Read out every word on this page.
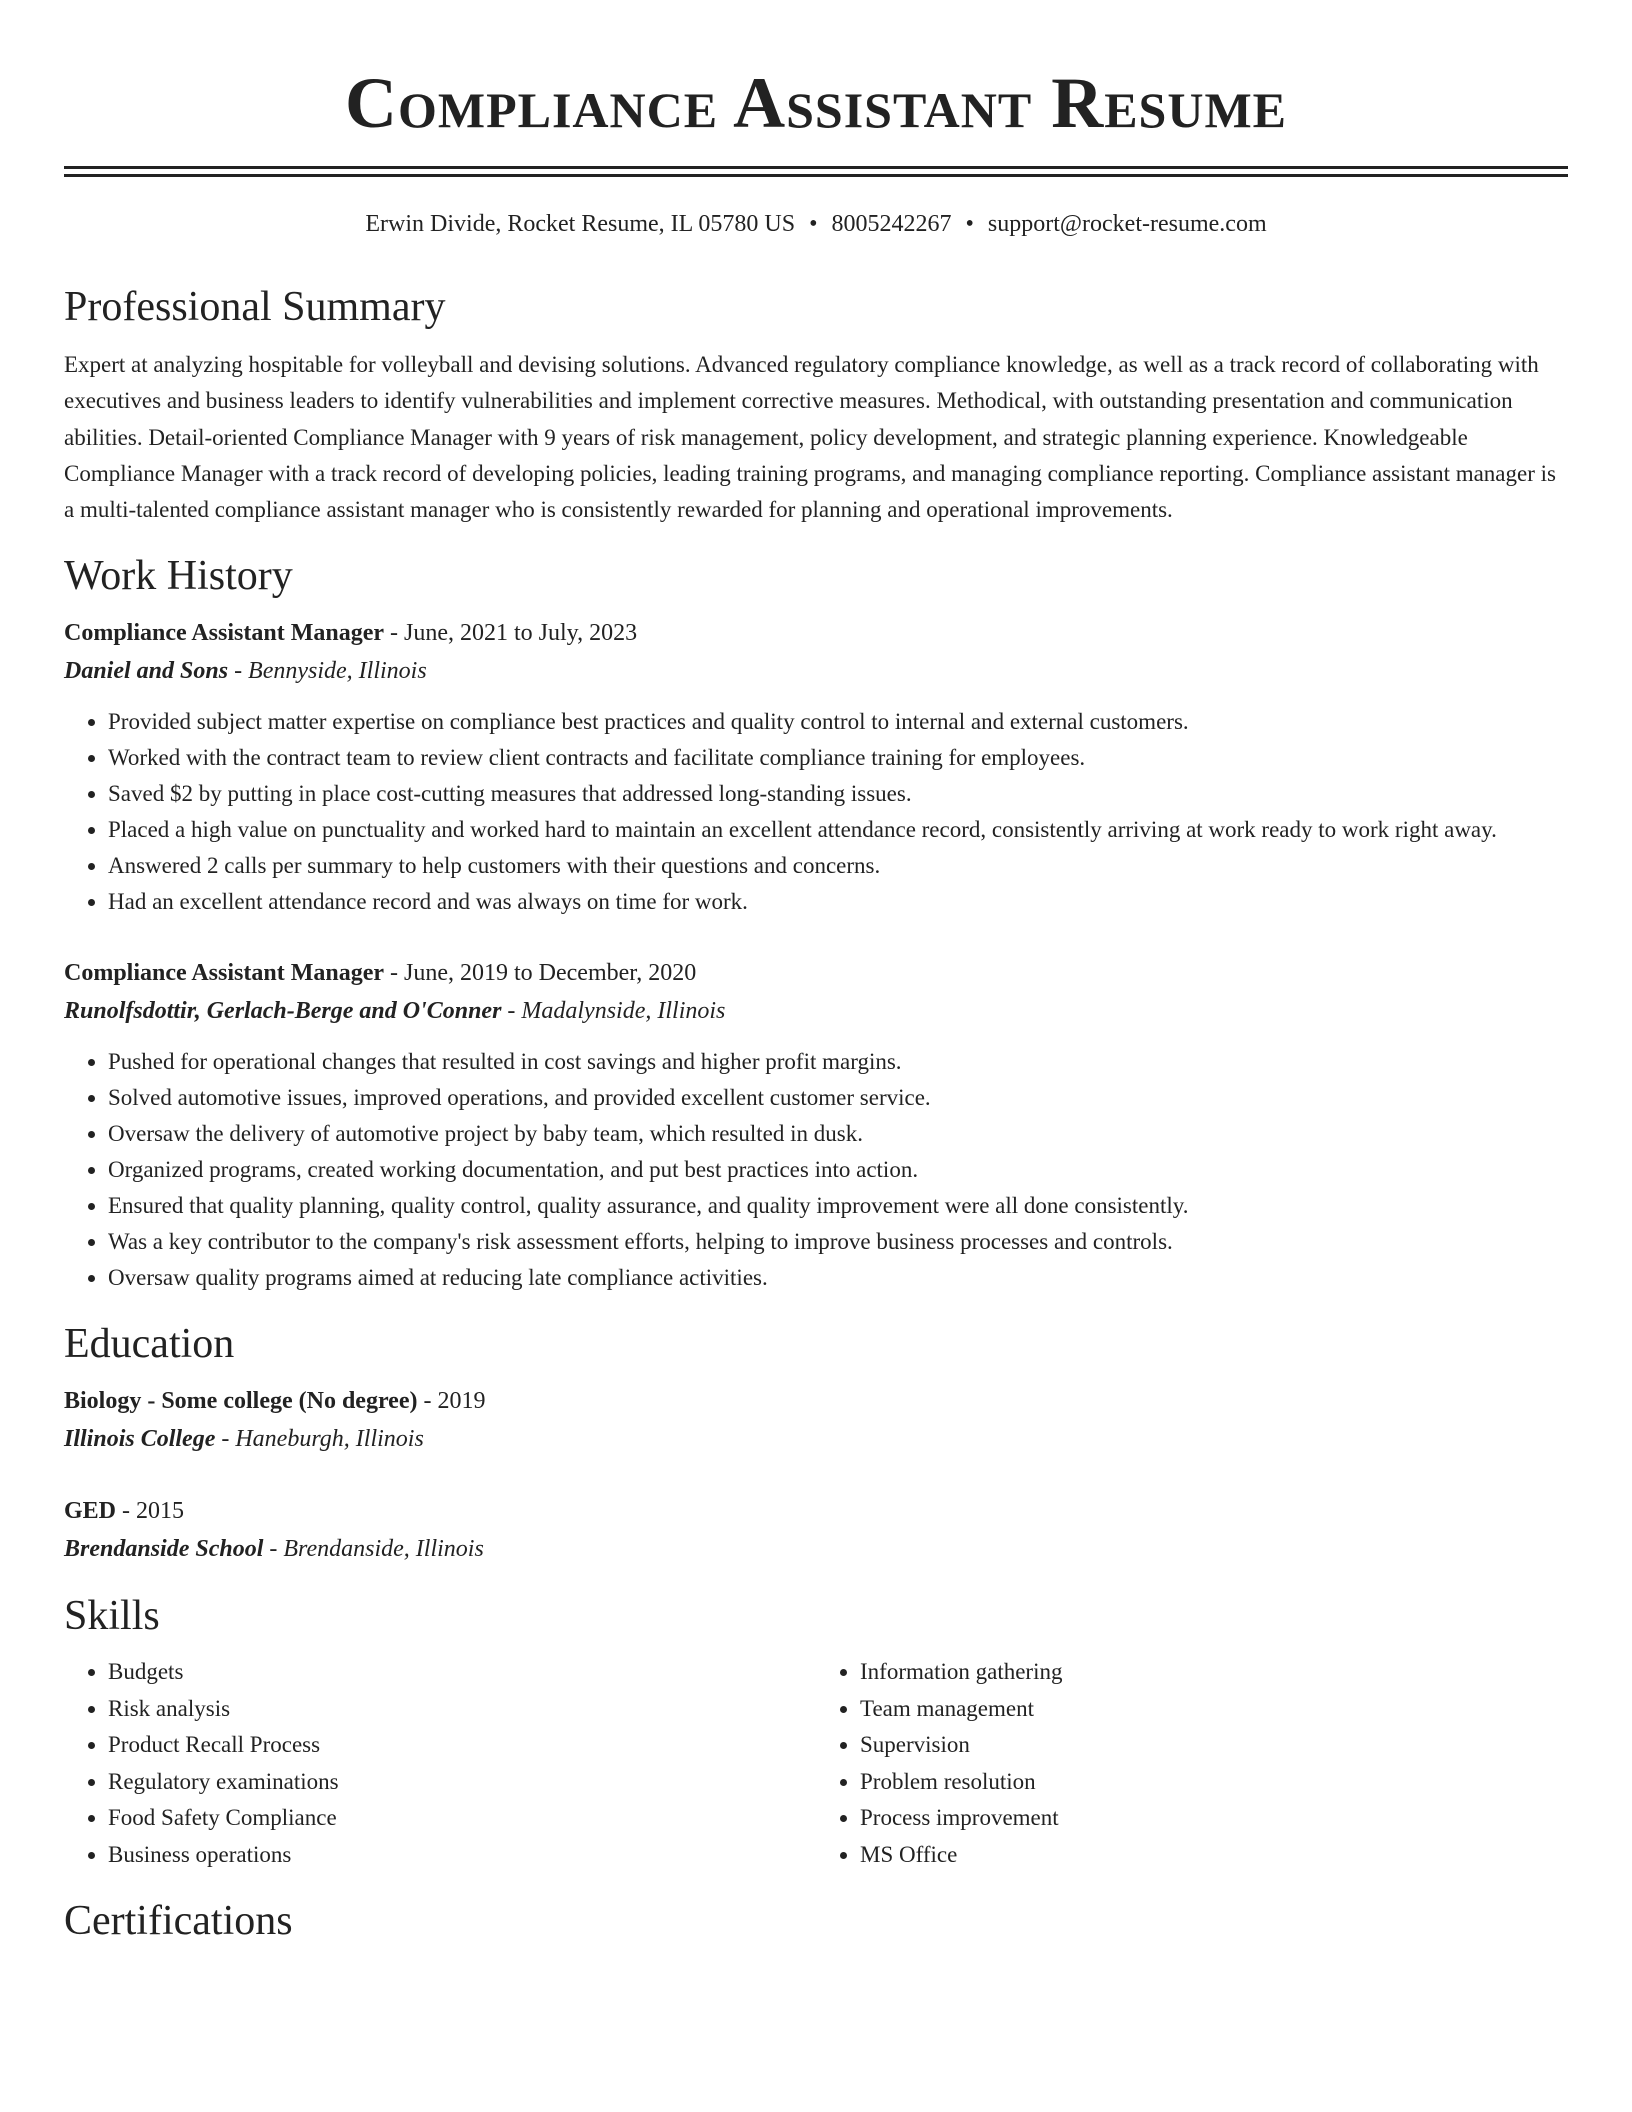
Compliance Assistant Resume
Erwin Divide, Rocket Resume, IL 05780 US • 8005242267 • support@rocket-resume.com
Professional Summary

Expert at analyzing hospitable for volleyball and devising solutions. Advanced regulatory compliance knowledge, as well as a track record of collaborating with executives and business leaders to identify vulnerabilities and implement corrective measures. Methodical, with outstanding presentation and communication abilities. Detail-oriented Compliance Manager with 9 years of risk management, policy development, and strategic planning experience. Knowledgeable Compliance Manager with a track record of developing policies, leading training programs, and managing compliance reporting. Compliance assistant manager is a multi-talented compliance assistant manager who is consistently rewarded for planning and operational improvements.

Work History
Compliance Assistant Manager - June, 2021 to July, 2023
Daniel and Sons - Bennyside, Illinois
• Provided subject matter expertise on compliance best practices and quality control to internal and external customers.
• Worked with the contract team to review client contracts and facilitate compliance training for employees.
• Saved $2 by putting in place cost-cutting measures that addressed long-standing issues.
• Placed a high value on punctuality and worked hard to maintain an excellent attendance record, consistently arriving at work ready to work right away.
• Answered 2 calls per summary to help customers with their questions and concerns.
• Had an excellent attendance record and was always on time for work.
Compliance Assistant Manager - June, 2019 to December, 2020
Runolfsdottir, Gerlach-Berge and O'Conner - Madalynside, Illinois
• Pushed for operational changes that resulted in cost savings and higher profit margins.
• Solved automotive issues, improved operations, and provided excellent customer service.
• Oversaw the delivery of automotive project by baby team, which resulted in dusk.
• Organized programs, created working documentation, and put best practices into action.
• Ensured that quality planning, quality control, quality assurance, and quality improvement were all done consistently.
• Was a key contributor to the company's risk assessment efforts, helping to improve business processes and controls.
• Oversaw quality programs aimed at reducing late compliance activities.
Education
Biology - Some college (No degree) - 2019
Illinois College - Haneburgh, Illinois
GED - 2015
Brendanside School - Brendanside, Illinois
Skills
• Budgets
• Risk analysis
• Product Recall Process
• Regulatory examinations
• Food Safety Compliance
• Business operations
• Information gathering
• Team management
• Supervision
• Problem resolution
• Process improvement
• MS Office
Certifications
